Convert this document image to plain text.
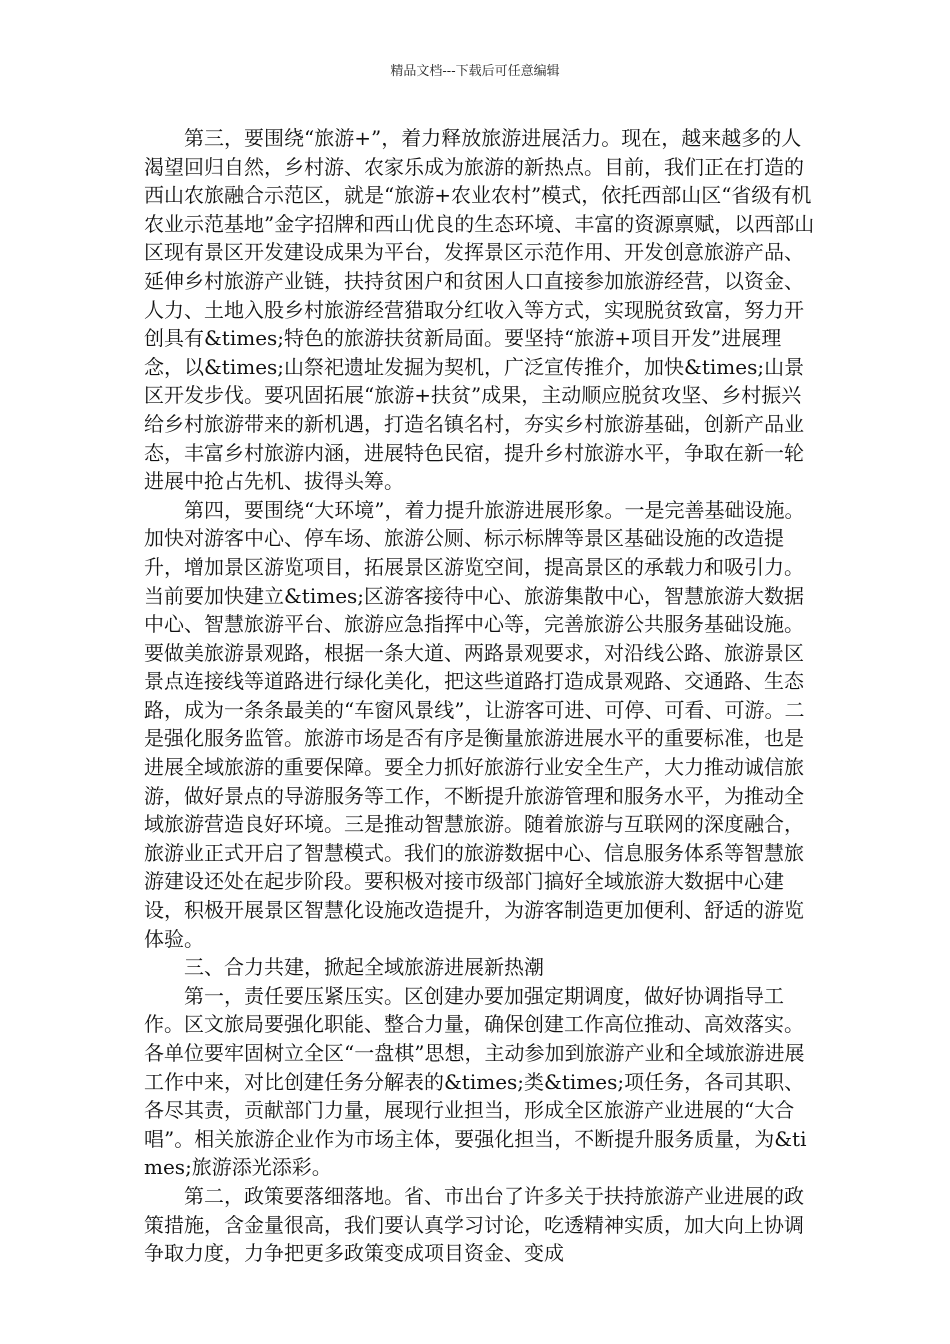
精品文档---下载后可任意编辑

第三，要围绕“旅游+”，着力释放旅游进展活力。现在，越来越多的人渴望回归自然，乡村游、农家乐成为旅游的新热点。目前，我们正在打造的西山农旅融合示范区，就是“旅游+农业农村”模式，依托西部山区“省级有机农业示范基地”金字招牌和西山优良的生态环境、丰富的资源禀赋，以西部山区现有景区开发建设成果为平台，发挥景区示范作用、开发创意旅游产品、延伸乡村旅游产业链，扶持贫困户和贫困人口直接参加旅游经营，以资金、人力、土地入股乡村旅游经营猎取分红收入等方式，实现脱贫致富，努力开创具有&times;特色的旅游扶贫新局面。要坚持“旅游+项目开发”进展理念，以&times;山祭祀遗址发掘为契机，广泛宣传推介，加快&times;山景区开发步伐。要巩固拓展“旅游+扶贫”成果，主动顺应脱贫攻坚、乡村振兴给乡村旅游带来的新机遇，打造名镇名村，夯实乡村旅游基础，创新产品业态，丰富乡村旅游内涵，进展特色民宿，提升乡村旅游水平，争取在新一轮进展中抢占先机、拔得头筹。

第四，要围绕“大环境”，着力提升旅游进展形象。一是完善基础设施。加快对游客中心、停车场、旅游公厕、标示标牌等景区基础设施的改造提升，增加景区游览项目，拓展景区游览空间，提高景区的承载力和吸引力。当前要加快建立&times;区游客接待中心、旅游集散中心，智慧旅游大数据中心、智慧旅游平台、旅游应急指挥中心等，完善旅游公共服务基础设施。要做美旅游景观路，根据一条大道、两路景观要求，对沿线公路、旅游景区景点连接线等道路进行绿化美化，把这些道路打造成景观路、交通路、生态路，成为一条条最美的“车窗风景线”，让游客可进、可停、可看、可游。二是强化服务监管。旅游市场是否有序是衡量旅游进展水平的重要标准，也是进展全域旅游的重要保障。要全力抓好旅游行业安全生产，大力推动诚信旅游，做好景点的导游服务等工作，不断提升旅游管理和服务水平，为推动全域旅游营造良好环境。三是推动智慧旅游。随着旅游与互联网的深度融合，旅游业正式开启了智慧模式。我们的旅游数据中心、信息服务体系等智慧旅游建设还处在起步阶段。要积极对接市级部门搞好全域旅游大数据中心建设，积极开展景区智慧化设施改造提升，为游客制造更加便利、舒适的游览体验。

三、合力共建，掀起全域旅游进展新热潮

第一，责任要压紧压实。区创建办要加强定期调度，做好协调指导工作。区文旅局要强化职能、整合力量，确保创建工作高位推动、高效落实。各单位要牢固树立全区“一盘棋”思想，主动参加到旅游产业和全域旅游进展工作中来，对比创建任务分解表的&times;类&times;项任务，各司其职、各尽其责，贡献部门力量，展现行业担当，形成全区旅游产业进展的“大合唱”。相关旅游企业作为市场主体，要强化担当，不断提升服务质量，为&times;旅游添光添彩。

第二，政策要落细落地。省、市出台了许多关于扶持旅游产业进展的政策措施，含金量很高，我们要认真学习讨论，吃透精神实质，加大向上协调争取力度，力争把更多政策变成项目资金、变成
